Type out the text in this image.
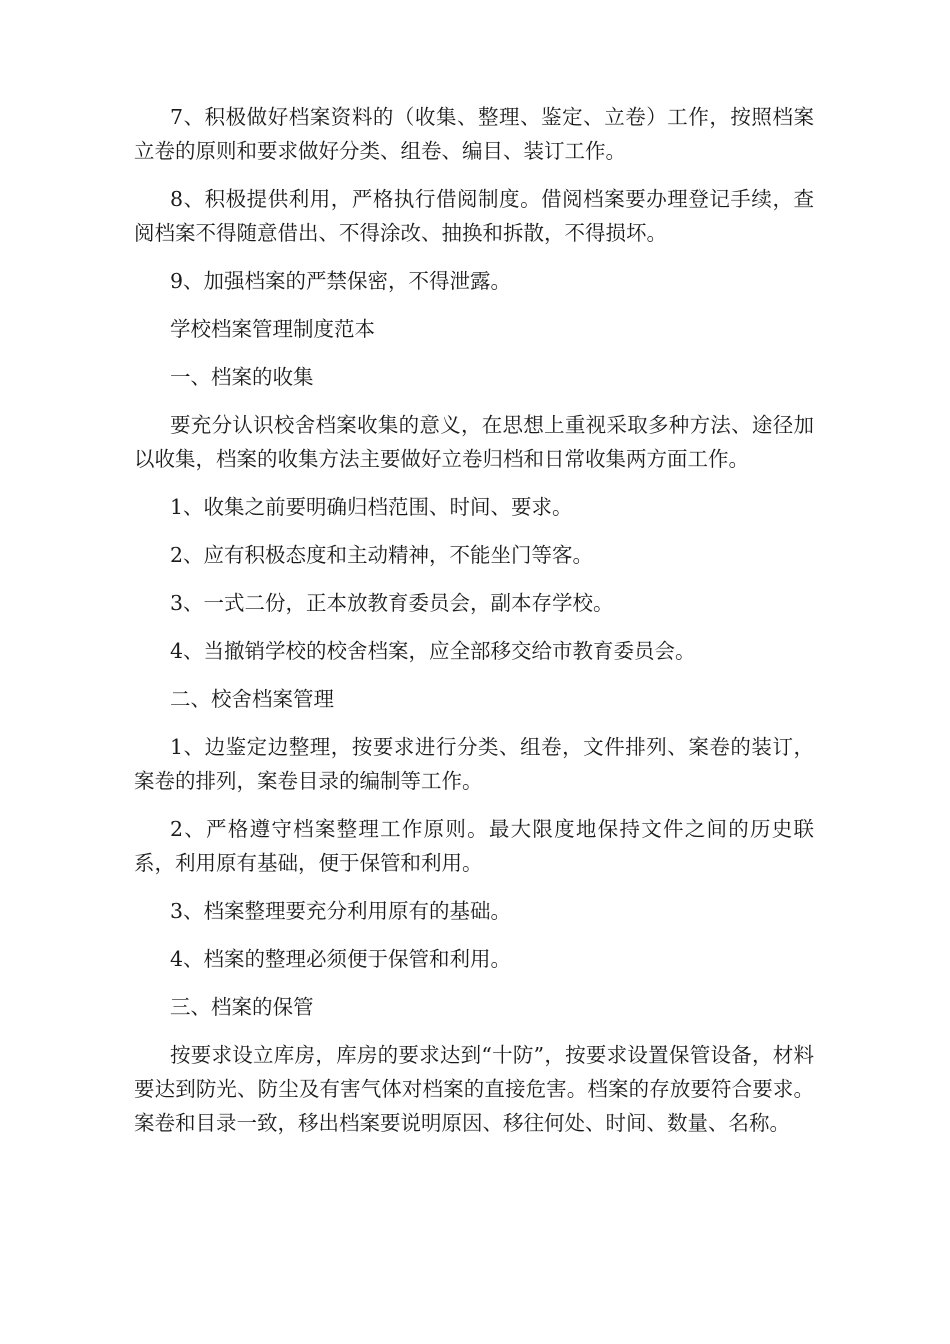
7、积极做好档案资料的（收集、整理、鉴定、立卷）工作，按照档案立卷的原则和要求做好分类、组卷、编目、装订工作。

8、积极提供利用，严格执行借阅制度。借阅档案要办理登记手续，查阅档案不得随意借出、不得涂改、抽换和拆散，不得损坏。

9、加强档案的严禁保密，不得泄露。

学校档案管理制度范本

一、档案的收集

要充分认识校舍档案收集的意义，在思想上重视采取多种方法、途径加以收集，档案的收集方法主要做好立卷归档和日常收集两方面工作。

1、收集之前要明确归档范围、时间、要求。

2、应有积极态度和主动精神，不能坐门等客。

3、一式二份，正本放教育委员会，副本存学校。

4、当撤销学校的校舍档案，应全部移交给市教育委员会。

二、校舍档案管理

1、边鉴定边整理，按要求进行分类、组卷，文件排列、案卷的装订，案卷的排列，案卷目录的编制等工作。

2、严格遵守档案整理工作原则。最大限度地保持文件之间的历史联系，利用原有基础，便于保管和利用。

3、档案整理要充分利用原有的基础。

4、档案的整理必须便于保管和利用。

三、档案的保管

按要求设立库房，库房的要求达到“十防”，按要求设置保管设备，材料要达到防光、防尘及有害气体对档案的直接危害。档案的存放要符合要求。案卷和目录一致，移出档案要说明原因、移往何处、时间、数量、名称。
